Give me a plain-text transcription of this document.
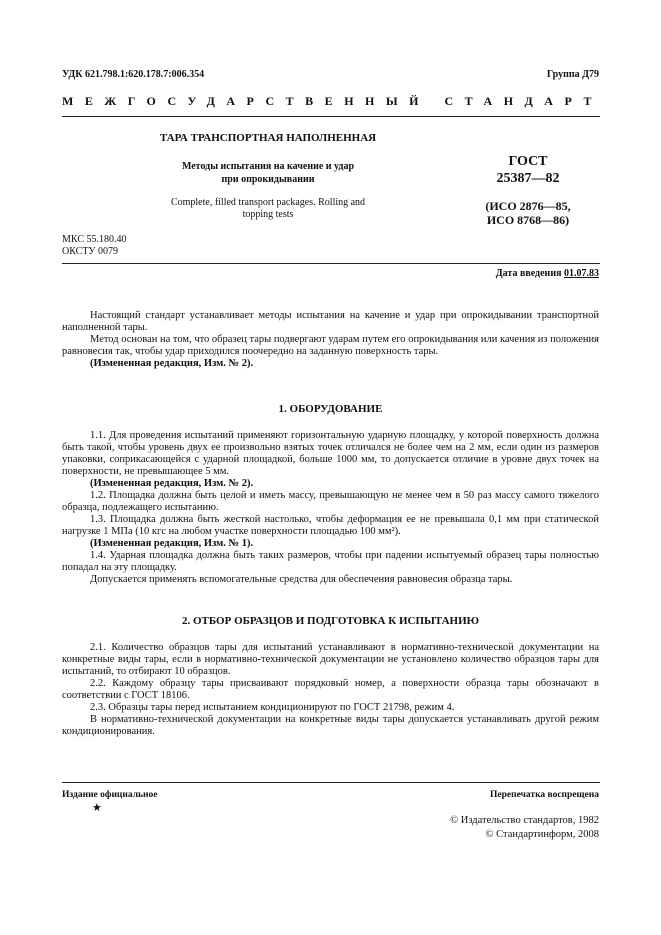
УДК 621.798.1:620.178.7:006.354	Группа Д79
МЕЖГОСУДАРСТВЕННЫЙ СТАНДАРТ
ТАРА ТРАНСПОРТНАЯ НАПОЛНЕННАЯ
Методы испытания на качение и удар
при опрокидывании
Complete, filled transport packages. Rolling and
topping tests
ГОСТ
25387—82
(ИСО 2876—85,
ИСО 8768—86)
МКС 55.180.40
ОКСТУ 0079
Дата введения 01.07.83

Настоящий стандарт устанавливает методы испытания на качение и удар при опрокидывании транспортной наполненной тары.

Метод основан на том, что образец тары подвергают ударам путем его опрокидывания или качения из положения равновесия так, чтобы удар приходился поочередно на заданную поверхность тары.

(Измененная редакция, Изм. № 2).

1. ОБОРУДОВАНИЕ

1.1. Для проведения испытаний применяют горизонтальную ударную площадку, у которой поверхность должна быть такой, чтобы уровень двух ее произвольно взятых точек отличался не более чем на 2 мм, если один из размеров упаковки, соприкасающейся с ударной площадкой, больше 1000 мм, то допускается отличие в уровне двух точек на поверхности, не превышающее 5 мм.

(Измененная редакция, Изм. № 2).

1.2. Площадка должна быть целой и иметь массу, превышающую не менее чем в 50 раз массу самого тяжелого образца, подлежащего испытанию.

1.3. Площадка должна быть жесткой настолько, чтобы деформация ее не превышала 0,1 мм при статической нагрузке 1 МПа (10 кгс на любом участке поверхности площадью 100 мм²).

(Измененная редакция, Изм. № 1).

1.4. Ударная площадка должна быть таких размеров, чтобы при падении испытуемый образец тары полностью попадал на эту площадку.

Допускается применять вспомогательные средства для обеспечения равновесия образца тары.

2. ОТБОР ОБРАЗЦОВ И ПОДГОТОВКА К ИСПЫТАНИЮ

2.1. Количество образцов тары для испытаний устанавливают в нормативно-технической документации на конкретные виды тары, если в нормативно-технической документации не установлено количество образцов тары для испытаний, то отбирают 10 образцов.

2.2. Каждому образцу тары присваивают порядковый номер, а поверхности образца тары обозначают в соответствии с ГОСТ 18106.

2.3. Образцы тары перед испытанием кондиционируют по ГОСТ 21798, режим 4.

В нормативно-технической документации на конкретные виды тары допускается устанавливать другой режим кондиционирования.

Издание официальное
★
Перепечатка воспрещена
© Издательство стандартов, 1982
© Стандартинформ, 2008
